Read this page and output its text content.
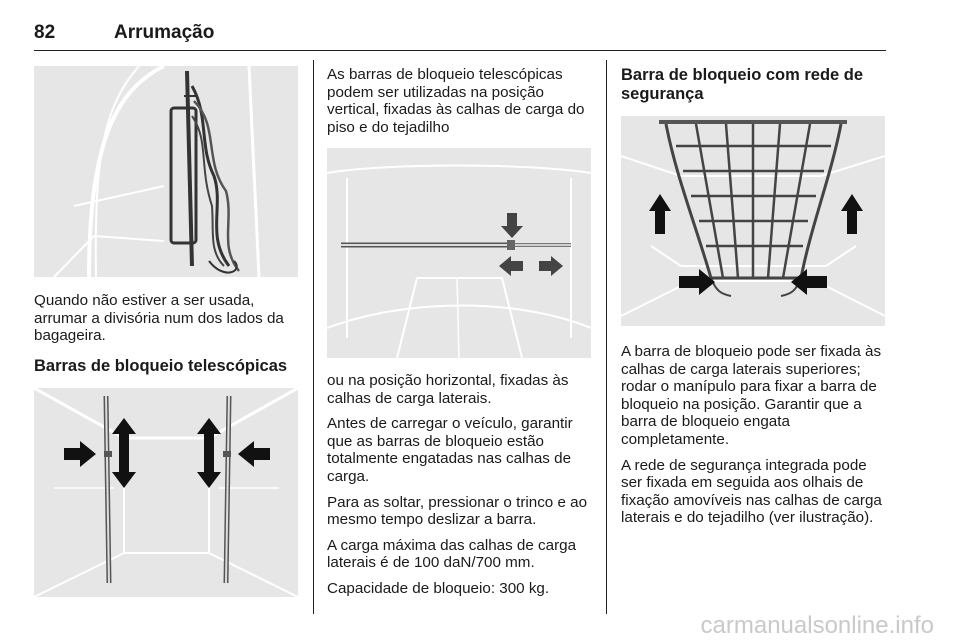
82	Arrumação

Quando não estiver a ser usada, arrumar a divisória num dos lados da bagageira.

Barras de bloqueio telescópicas

As barras de bloqueio telescópicas podem ser utilizadas na posição vertical, fixadas às calhas de carga do piso e do tejadilho

ou na posição horizontal, fixadas às calhas de carga laterais.

Antes de carregar o veículo, garantir que as barras de bloqueio estão totalmente engatadas nas calhas de carga.

Para as soltar, pressionar o trinco e ao mesmo tempo deslizar a barra.

A carga máxima das calhas de carga laterais é de 100 daN/700 mm.

Capacidade de bloqueio: 300 kg.

Barra de bloqueio com rede de segurança

A barra de bloqueio pode ser fixada às calhas de carga laterais superiores; rodar o manípulo para fixar a barra de bloqueio na posição. Garantir que a barra de bloqueio engata completamente.

A rede de segurança integrada pode ser fixada em seguida aos olhais de fixação amovíveis nas calhas de carga laterais e do tejadilho (ver ilustração).

carmanualsonline.info
